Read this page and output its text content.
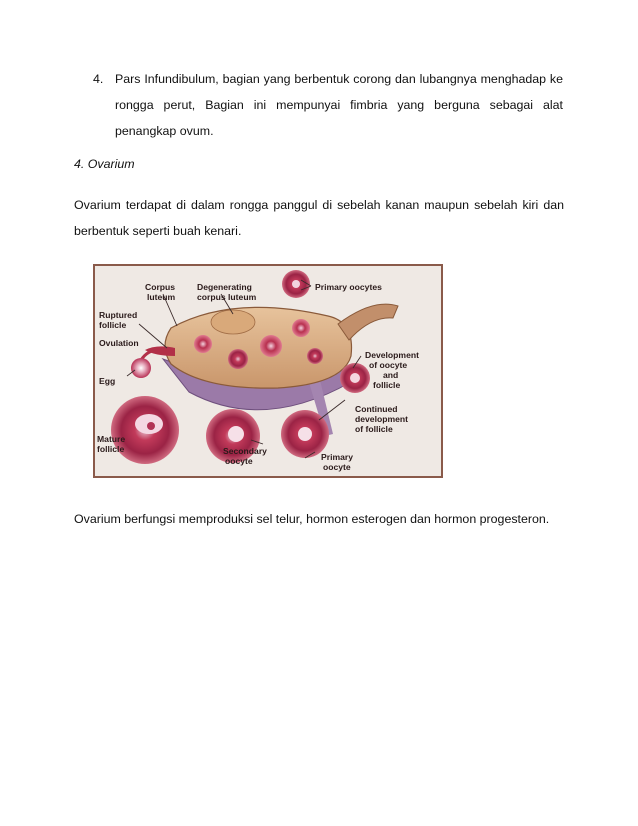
4. Pars Infundibulum, bagian yang berbentuk corong dan lubangnya menghadap ke rongga perut, Bagian ini mempunyai fimbria yang berguna sebagai alat penangkap ovum.
4. Ovarium
Ovarium terdapat di dalam rongga panggul di sebelah kanan maupun sebelah kiri dan berbentuk seperti buah kenari.
Corpus
luteum
Degenerating
corpus luteum
Primary oocytes
Ruptured
follicle
Ovulation
Development
of oocyte
and
follicle
Egg
Continued
development
of follicle
Mature
follicle	Secondary
oocyte	Primary
oocyte
Ovarium berfungsi memproduksi sel telur, hormon esterogen dan hormon progesteron.
